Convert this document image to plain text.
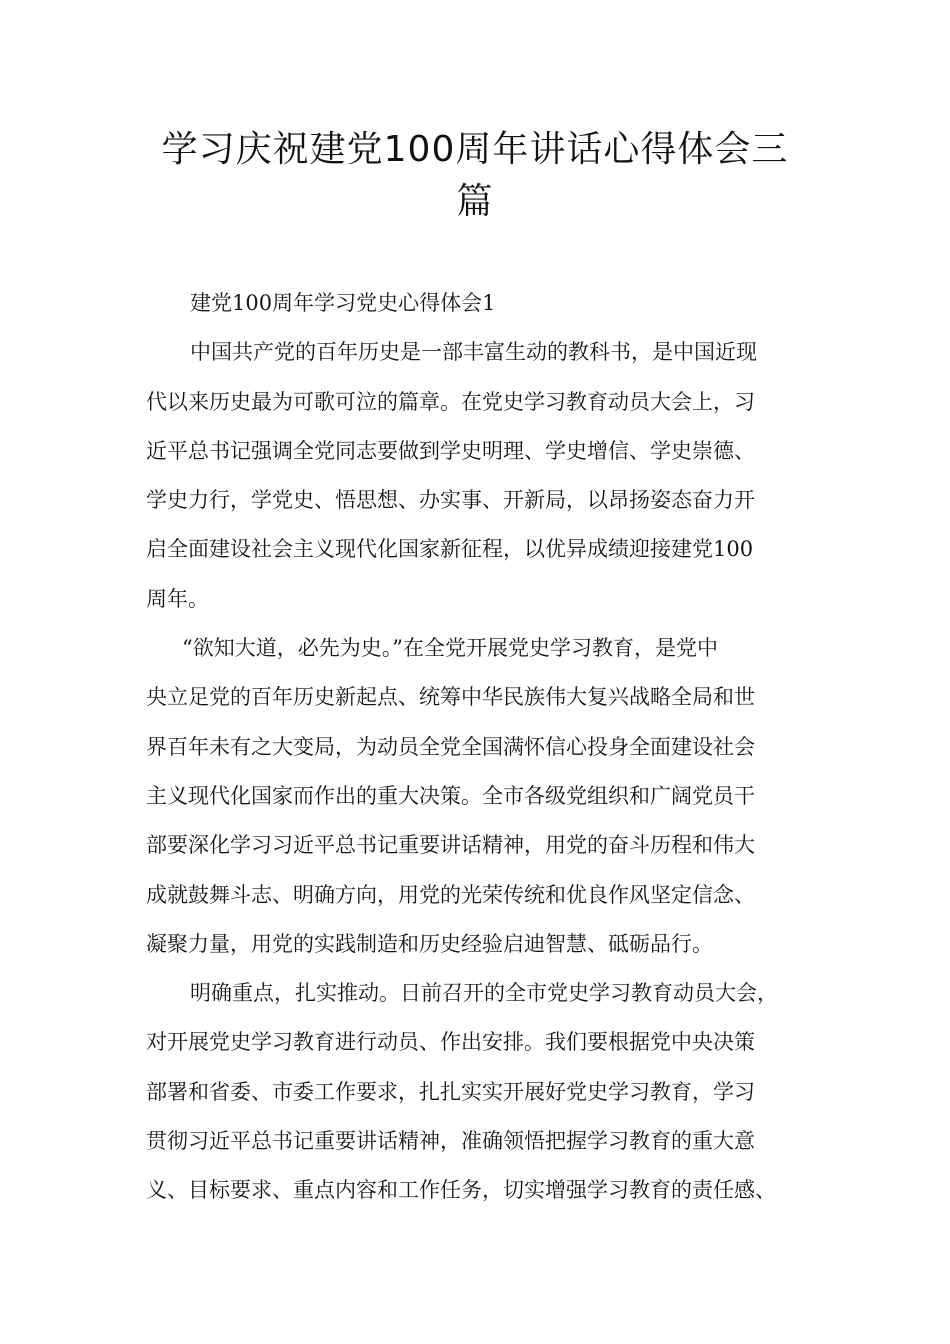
学习庆祝建党100周年讲话心得体会三
篇
建党100周年学习党史心得体会1
中国共产党的百年历史是一部丰富生动的教科书，是中国近现
代以来历史最为可歌可泣的篇章。在党史学习教育动员大会上，习
近平总书记强调全党同志要做到学史明理、学史增信、学史崇德、
学史力行，学党史、悟思想、办实事、开新局，以昂扬姿态奋力开
启全面建设社会主义现代化国家新征程，以优异成绩迎接建党100
周年。
“欲知大道，必先为史。”在全党开展党史学习教育，是党中
央立足党的百年历史新起点、统筹中华民族伟大复兴战略全局和世
界百年未有之大变局，为动员全党全国满怀信心投身全面建设社会
主义现代化国家而作出的重大决策。全市各级党组织和广阔党员干
部要深化学习习近平总书记重要讲话精神，用党的奋斗历程和伟大
成就鼓舞斗志、明确方向，用党的光荣传统和优良作风坚定信念、
凝聚力量，用党的实践制造和历史经验启迪智慧、砥砺品行。
明确重点，扎实推动。日前召开的全市党史学习教育动员大会，
对开展党史学习教育进行动员、作出安排。我们要根据党中央决策
部署和省委、市委工作要求，扎扎实实开展好党史学习教育，学习
贯彻习近平总书记重要讲话精神，准确领悟把握学习教育的重大意
义、目标要求、重点内容和工作任务，切实增强学习教育的责任感、
